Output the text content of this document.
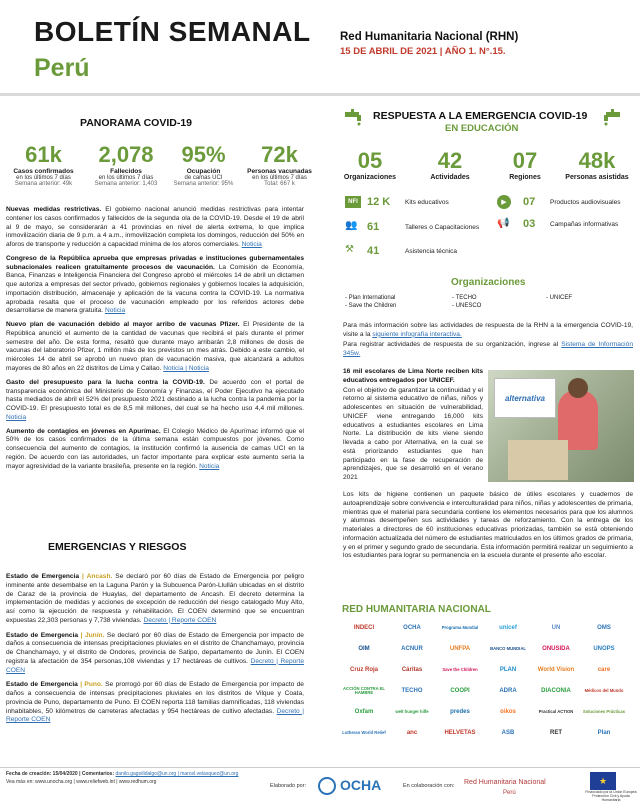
BOLETÍN SEMANAL
Perú
Red Humanitaria Nacional (RHN)
15 DE ABRIL DE 2021 | AÑO 1. N°.15.
PANORAMA COVID-19
61k
Casos confirmados
en los últimos 7 días
Semana anterior: 49k
2,078
Fallecidos
en los últimos 7 días
Semana anterior: 1,403
95%
Ocupación
de camas UCI
Semana anterior: 95%
72k
Personas vacunadas
en los últimos 7 días
Total: 667 k

Nuevas medidas restrictivas. El gobierno nacional anunció medidas restrictivas para intentar contener los casos confirmados y fallecidos de la segunda ola de la COVID-19. Desde el 19 de abril al 9 de mayo, se considerarán a 41 provincias en nivel de alerta extrema, lo que implica inmovilización diaria de 9 p.m. a 4 a.m., inmovilización completa los domingos, reducción del 50% en aforos de transporte y reducción a capacidad mínima de los aforos comerciales. Noticia

Congreso de la República aprueba que empresas privadas e instituciones gubernamentales subnacionales realicen gratuitamente procesos de vacunación. La Comisión de Economía, Banca, Finanzas e Inteligencia Financiera del Congreso aprobó el miércoles 14 de abril un dictamen que autoriza a empresas del sector privado, gobiernos regionales y gobiernos locales la adquisición, importación distribución, almacenaje y aplicación de la vacuna contra la COVID-19. La normativa aprobada resalta que el proceso de vacunación empleado por los referidos actores debe desarrollarse de manera gratuita. Noticia

Nuevo plan de vacunación debido al mayor arribo de vacunas Pfizer. El Presidente de la República anunció el aumento de la cantidad de vacunas que recibirá el país durante el primer semestre del año. De esta forma, resaltó que durante mayo arribarán 2,8 millones de dosis de vacunas del laboratorio Pfizer, 1 millón más de los previstos un mes atrás. Debido a este cambio, el miércoles 14 de abril se aprobó un nuevo plan de vacunación masiva, que alcanzará a adultos mayores de 80 años en 22 distritos de Lima y Callao. Noticia | Noticia

Gasto del presupuesto para la lucha contra la COVID-19. De acuerdo con el portal de transparencia económica del Ministerio de Economía y Finanzas, el Poder Ejecutivo ha ejecutado hasta mediados de abril el 52% del presupuesto 2021 destinado a la lucha contra la pandemia por la COVID-19. El presupuesto total es de 8,5 mil millones, del cual se ha hecho uso 4,4 mil millones. Noticia

Aumento de contagios en jóvenes en Apurímac. El Colegio Médico de Apurímac informó que el 50% de los casos confirmados de la última semana están compuestos por jóvenes. Como consecuencia del aumento de contagios, la institución confirmó la ausencia de camas UCI en la región. De acuerdo con las autoridades, un factor importante para explicar este aumento sería la mayor agresividad de la variante brasileña, presente en la región. Noticia

EMERGENCIAS Y RIESGOS

Estado de Emergencia | Ancash. Se declaró por 60 días de Estado de Emergencia por peligro inminente ante desembalse en la Laguna Parón y la Subcuenca Parón-Llullán ubicadas en el distrito de Caraz de la provincia de Huaylas, del departamento de Ancash. El decreto determina la implementación de medidas y acciones de excepción de reducción del riesgo catalogado Muy Alto, así como la ejecución de respuesta y rehabilitación. El COEN determinó que se encuentran expuestas 22,303 personas y 7,738 viviendas. Decreto | Reporte COEN

Estado de Emergencia | Junín. Se declaró por 60 días de Estado de Emergencia por impacto de daños a consecuencia de intensas precipitaciones pluviales en el distrito de Chanchamayo, provincia de Chanchamayo, y el distrito de Ondores, provincia de Satipo, departamento de Junín. El COEN registra la afectación de 354 personas,108 viviendas y 17 hectáreas de cultivos. Decreto | Reporte COEN

Estado de Emergencia | Puno. Se prorrogó por 60 días de Estado de Emergencia por impacto de daños a consecuencia de intensas precipitaciones pluviales en los distritos de Vilque y Coata, provincia de Puno, departamento de Puno. El COEN reporta 118 familias damnificadas, 118 viviendas inhabitables, 50 kilómetros de carreteras afectadas y 954 hectáreas de cultivo afectadas. Decreto | Reporte COEN

RESPUESTA A LA EMERGENCIA COVID-19
EN EDUCACIÓN
05
Organizaciones
42
Actividades
07
Regiones
48k
Personas asistidas
NFI 12 K Kits educativos	▶	07 Productos audiovisuales
👥 61	Talleres o Capacitaciones 📢	03 Campañas informativas
⚒	41	Asistencia técnica
Organizaciones
- Plan International
- Save the Children
- TECHO
- UNESCO
- UNICEF
Para más información sobre las actividades de respuesta de la RHN a la emergencia COVID-19, visite a la siguiente infografía interactiva.
Para registrar actividades de respuesta de su organización, ingrese al Sistema de Información 345w.
16 mil escolares de Lima Norte reciben kits educativos entregados por UNICEF.
Con el objetivo de garantizar la continuidad y el retorno al sistema educativo de niñas, niños y adolescentes en situación de vulnerabilidad, UNICEF viene entregando 16,000 kits educativos a estudiantes escolares en Lima Norte. La distribución de kits viene siendo llevada a cabo por Alternativa, en la cual se está priorizando estudiantes que han participado en la fase de recuperación de aprendizajes, que se desarrolló en el verano 2021
alternativa
Los kits de higiene contienen un paquete básico de útiles escolares y cuadernos de autoaprendizaje sobre convivencia e interculturalidad para niños, niñas y adolescentes de primaria, mientras que el material para secundaria contiene los elementos necesarios para que los alumnos y alumnas desempeñen sus actividades y tareas de reforzamiento. Con la entrega de los materiales a directores de 60 instituciones educativas priorizadas, también se está obteniendo información actualizada del número de estudiantes matriculados en los últimos grados de primaria, y en el primer y segundo grado de secundaria. Esta información permitirá realizar un seguimiento a los estudiantes para lograr su permanencia en la escuela durante el presente año escolar.
RED HUMANITARIA NACIONAL
INDECI	OCHA	Programa Mundial	unicef	UN	OMS
OIM	ACNUR	UNFPA	BANCO MUNDIAL	ONUSIDA	UNOPS
Cruz Roja	Cáritas	Save the Children	PLAN	World Vision	care
ACCIÓN CONTRA EL HAMBRE	TECHO	COOPI	ADRA	DIACONIA	Médicos del Mundo
Oxfam	welt hunger hilfe	predes	oikos	Practical ACTION	Soluciones Prácticas
Lutheran World Relief	anc	HELVETAS	ASB	RET	Plan
Fecha de creación: 15/04/2020 | Comentarios: danilo.gagoilidalgo@un.org | marcel.velasquez@un.org
Vea más en: www.unocha.org | www.reliefweb.int | www.redhum.org
Elaborado por: OCHA	En colaboración con: Red Humanitaria Nacional
Perú
★
Financiado por la Unión Europea Protección Civil y Ayuda Humanitaria
